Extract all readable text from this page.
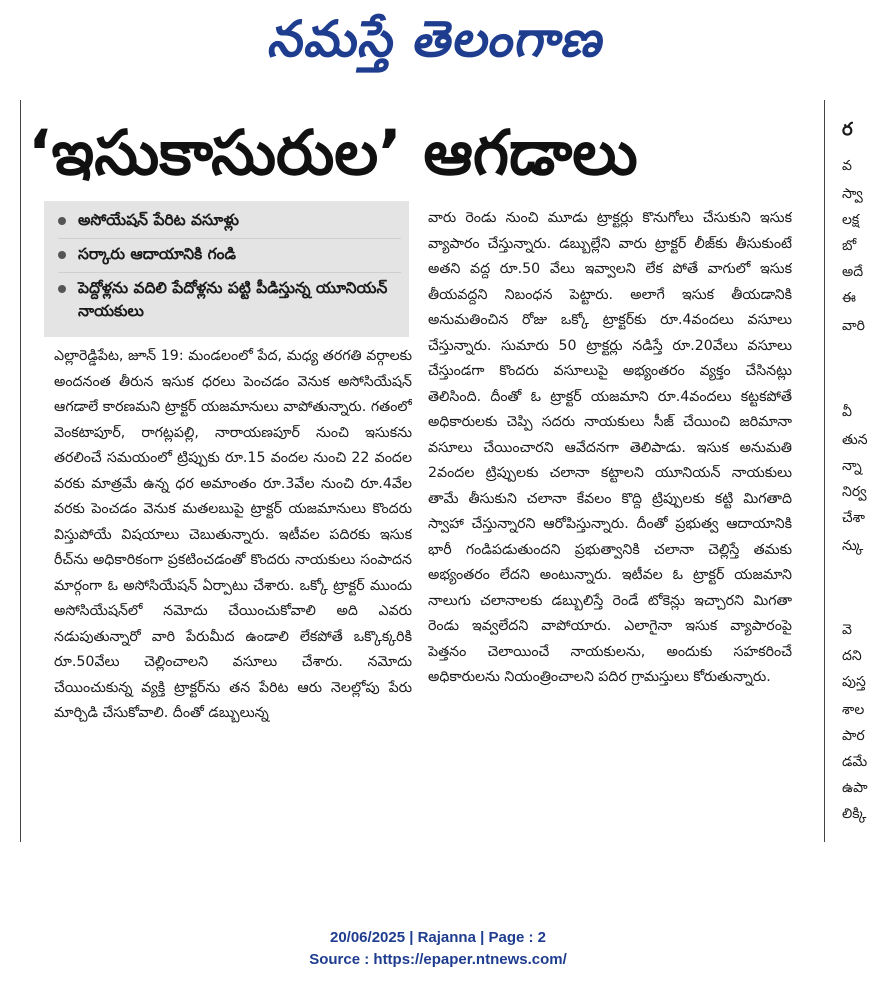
నమస్తే తెలంగాణ
‘ఇసుకాసురుల’ ఆగడాలు
అసోయేషన్ పేరిట వసూళ్లు
సర్కారు ఆదాయానికి గండి
పెద్దోళ్లను వదిలి పేదోళ్లను పట్టి పీడిస్తున్న యూనియన్ నాయకులు

ఎల్లారెడ్డిపేట, జూన్ 19: మండలంలో పేద, మధ్య తరగతి వర్గాలకు అందనంత తీరున ఇసుక ధరలు పెంచడం వెనుక అసోసియేషన్ ఆగడాలే కారణమని ట్రాక్టర్ యజమానులు వాపోతున్నారు. గతంలో వెంకటాపూర్, రాగట్లపల్లి, నారాయణపూర్ నుంచి ఇసుకను తరలించే సమయంలో ట్రిప్పుకు రూ.15 వందల నుంచి 22 వందల వరకు మాత్రమే ఉన్న ధర అమాంతం రూ.3వేల నుంచి రూ.4వేల వరకు పెంచడం వెనుక మతలబుపై ట్రాక్టర్ యజమానులు కొందరు విస్తుపోయే విషయాలు చెబుతున్నారు. ఇటీవల పదిరకు ఇసుక రీచ్‌ను అధికారికంగా ప్రకటించడంతో కొందరు నాయకులు సంపాదన మార్గంగా ఓ అసోసియేషన్ ఏర్పాటు చేశారు. ఒక్కో ట్రాక్టర్ ముందు అసోసియేషన్‌లో నమోదు చేయించుకోవాలి అది ఎవరు నడుపుతున్నారో వారి పేరుమీద ఉండాలి లేకపోతే ఒక్కొక్కరికి రూ.50వేలు చెల్లించాలని వసూలు చేశారు. నమోదు చేయించుకున్న వ్యక్తి ట్రాక్టర్‌ను తన పేరిట ఆరు నెలల్లోపు పేరు మార్చిడి చేసుకోవాలి. దీంతో డబ్బులున్న

వారు రెండు నుంచి మూడు ట్రాక్టర్లు కొనుగోలు చేసుకుని ఇసుక వ్యాపారం చేస్తున్నారు. డబ్బుల్లేని వారు ట్రాక్టర్ లీజ్‌కు తీసుకుంటే అతని వద్ద రూ.50 వేలు ఇవ్వాలని లేక పోతే వాగులో ఇసుక తీయవద్దని నిబంధన పెట్టారు. అలాగే ఇసుక తీయడానికి అనుమతించిన రోజు ఒక్కో ట్రాక్టర్‌కు రూ.4వందలు వసూలు చేస్తున్నారు. సుమారు 50 ట్రాక్టర్లు నడిస్తే రూ.20వేలు వసూలు చేస్తుండగా కొందరు వసూలుపై అభ్యంతరం వ్యక్తం చేసినట్లు తెలిసింది. దీంతో ఓ ట్రాక్టర్ యజమాని రూ.4వందలు కట్టకపోతే అధికారులకు చెప్పి సదరు నాయకులు సీజ్ చేయించి జరిమానా వసూలు చేయించారని ఆవేదనగా తెలిపాడు. ఇసుక అనుమతి 2వందల ట్రిప్పులకు చలానా కట్టాలని యూనియన్ నాయకులు తామే తీసుకుని చలానా కేవలం కొద్ది ట్రిప్పులకు కట్టి మిగతాది స్వాహా చేస్తున్నారని ఆరోపిస్తున్నారు. దీంతో ప్రభుత్వ ఆదాయానికి భారీ గండిపడుతుందని ప్రభుత్వానికి చలానా చెల్లిస్తే తమకు అభ్యంతరం లేదని అంటున్నారు. ఇటీవల ఓ ట్రాక్టర్ యజమాని నాలుగు చలానాలకు డబ్బులిస్తే రెండే టోకెన్లు ఇచ్చారని మిగతా రెండు ఇవ్వలేదని వాపోయారు. ఎలాగైనా ఇసుక వ్యాపారంపై పెత్తనం చెలాయించే నాయకులను, అందుకు సహకరించే అధికారులను నియంత్రించాలని పదిర గ్రామస్తులు కోరుతున్నారు.

ర
వ
స్వా
లక్ష
బో
అదే
ఈ
వారి
వీ
తున
న్నా
నిర్వ
చేశా
న్కు
వె
దని
పుస్త
శాల
పార
డమే
ఉపా
లిక్కి
20/06/2025 | Rajanna | Page : 2
Source : https://epaper.ntnews.com/
